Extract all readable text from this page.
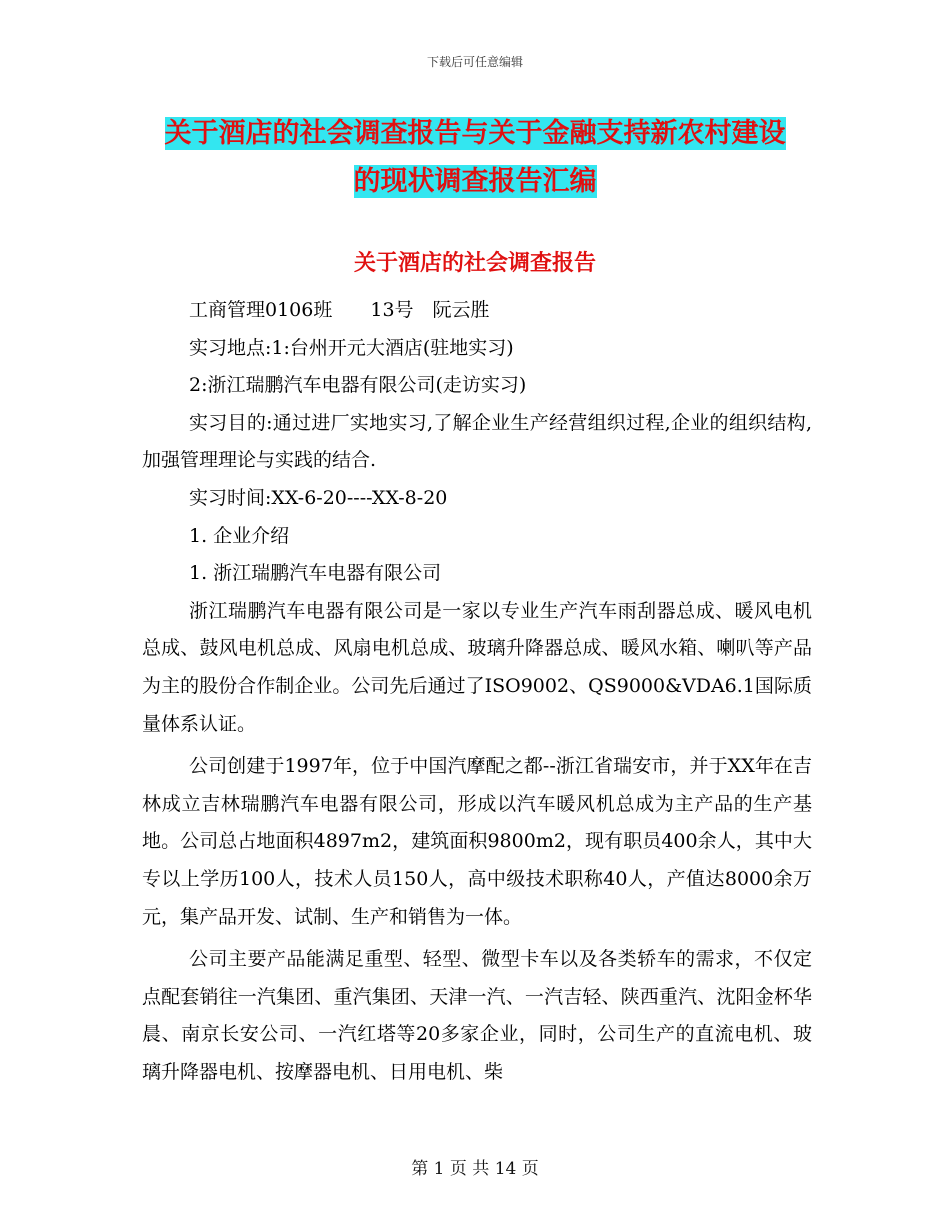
下载后可任意编辑
关于酒店的社会调查报告与关于金融支持新农村建设
的现状调查报告汇编
关于酒店的社会调查报告

工商管理0106班　　13号　阮云胜

实习地点:1:台州开元大酒店(驻地实习)

2:浙江瑞鹏汽车电器有限公司(走访实习)

实习目的:通过进厂实地实习,了解企业生产经营组织过程,企业的组织结构,加强管理理论与实践的结合.

实习时间:XX-6-20----XX-8-20

1. 企业介绍

1. 浙江瑞鹏汽车电器有限公司

浙江瑞鹏汽车电器有限公司是一家以专业生产汽车雨刮器总成、暖风电机总成、鼓风电机总成、风扇电机总成、玻璃升降器总成、暖风水箱、喇叭等产品为主的股份合作制企业。公司先后通过了ISO9002、QS9000&VDA6.1国际质量体系认证。

公司创建于1997年，位于中国汽摩配之都--浙江省瑞安市，并于XX年在吉林成立吉林瑞鹏汽车电器有限公司，形成以汽车暖风机总成为主产品的生产基地。公司总占地面积4897m2，建筑面积9800m2，现有职员400余人，其中大专以上学历100人，技术人员150人，高中级技术职称40人，产值达8000余万元，集产品开发、试制、生产和销售为一体。

公司主要产品能满足重型、轻型、微型卡车以及各类轿车的需求，不仅定点配套销往一汽集团、重汽集团、天津一汽、一汽吉轻、陕西重汽、沈阳金杯华晨、南京长安公司、一汽红塔等20多家企业，同时，公司生产的直流电机、玻璃升降器电机、按摩器电机、日用电机、柴

第 1 页 共 14 页
